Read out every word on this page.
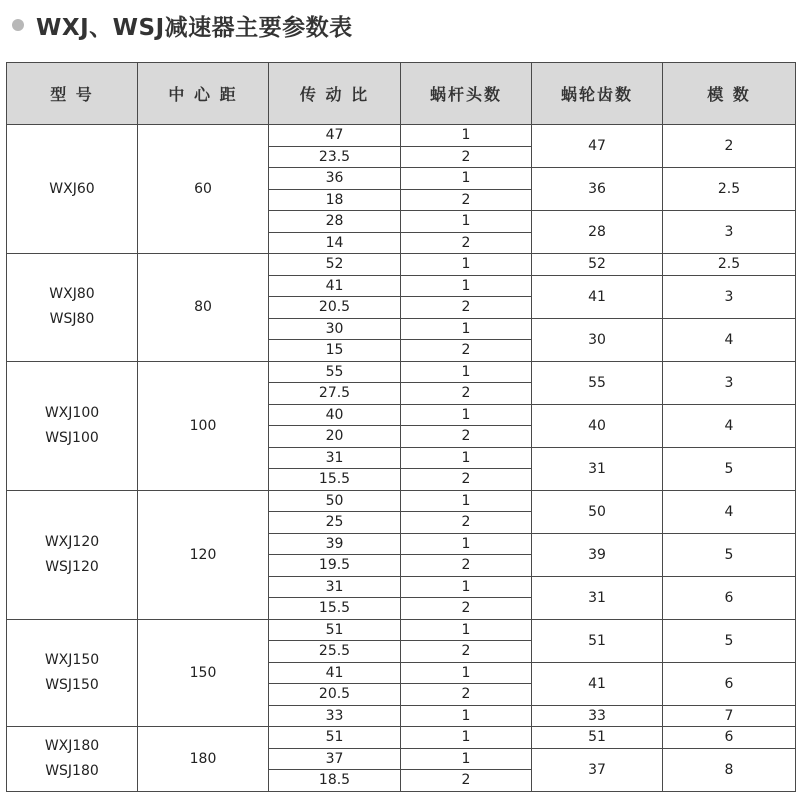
WXJ、WSJ减速器主要参数表
型 号	中 心 距	传 动 比	蜗杆头数	蜗轮齿数	模 数

WXJ60	60	47	1	47	2
		23.5	2		
		36	1	36	2.5
		18	2		
		28	1	28	3
		14	2		

WXJ80
WSJ80	80	52	1	52	2.5
		41	1	41	3
		20.5	2		
		30	1	30	4
		15	2		

WXJ100
WSJ100	100	55	1	55	3
		27.5	2		
		40	1	40	4
		20	2		
		31	1	31	5
		15.5	2		

WXJ120
WSJ120	120	50	1	50	4
		25	2		
		39	1	39	5
		19.5	2		
		31	1	31	6
		15.5	2		

WXJ150
WSJ150	150	51	1	51	5
		25.5	2		
		41	1	41	6
		20.5	2		
		33	1	33	7

WXJ180
WSJ180	180	51	1	51	6
		37	1	37	8
		18.5	2		
